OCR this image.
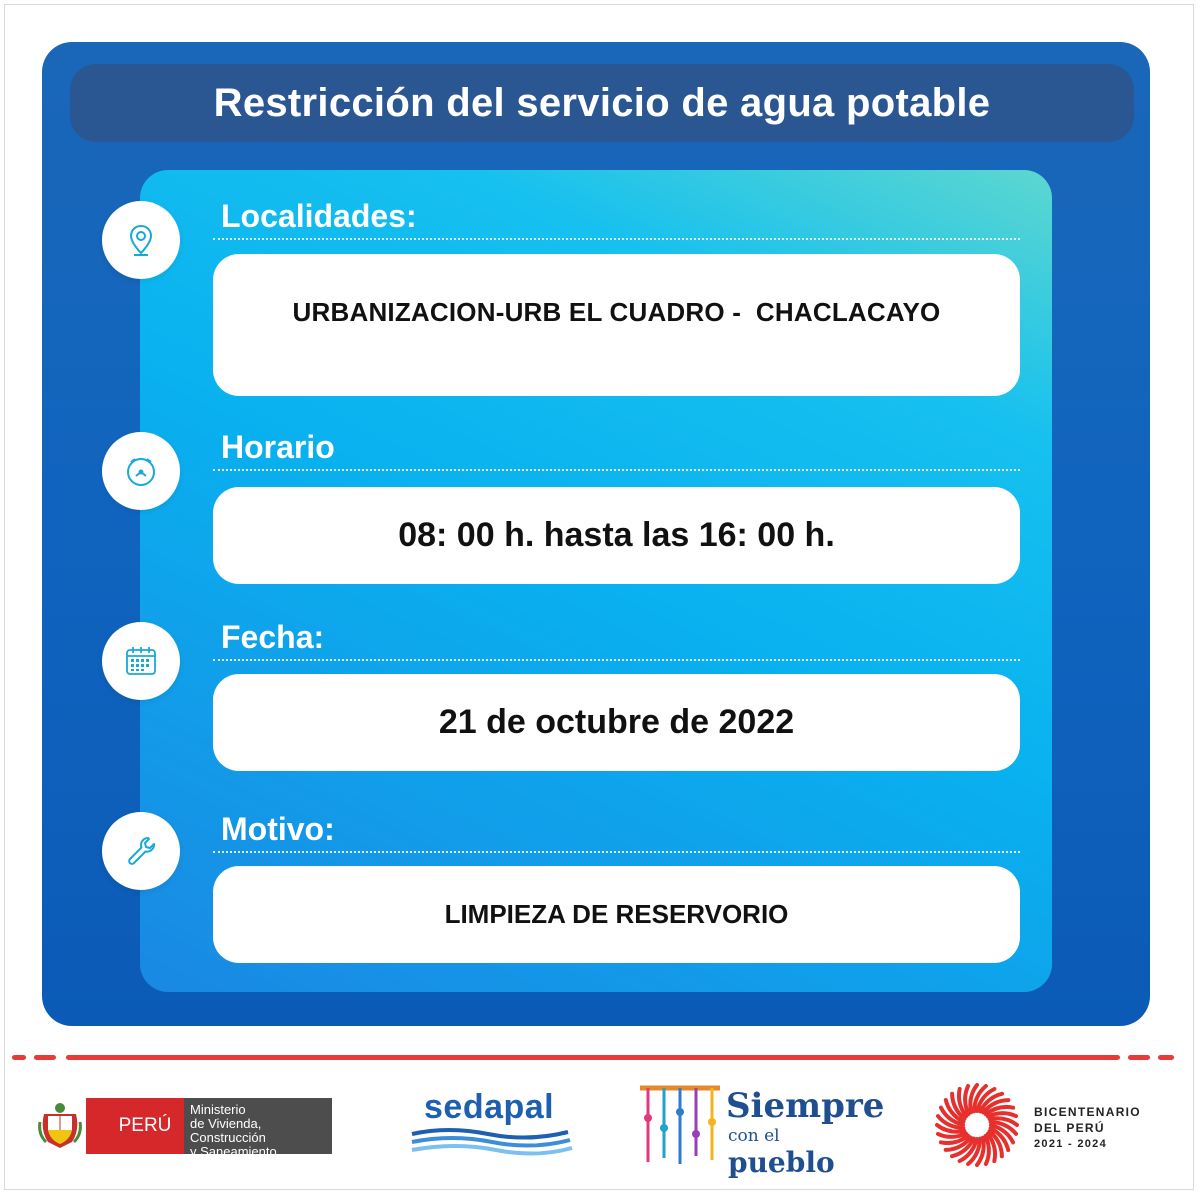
Restricción del servicio de agua potable
Localidades:
URBANIZACION-URB EL CUADRO -  CHACLACAYO
Horario
08: 00 h. hasta las 16: 00 h.
Fecha:
21 de octubre de 2022
Motivo:
LIMPIEZA DE RESERVORIO
PERÚ
Ministerio
de Vivienda, Construcción
y Saneamiento
sedapal	Siempre
con el pueblo
BICENTENARIO
DEL PERÚ
2021 - 2024
